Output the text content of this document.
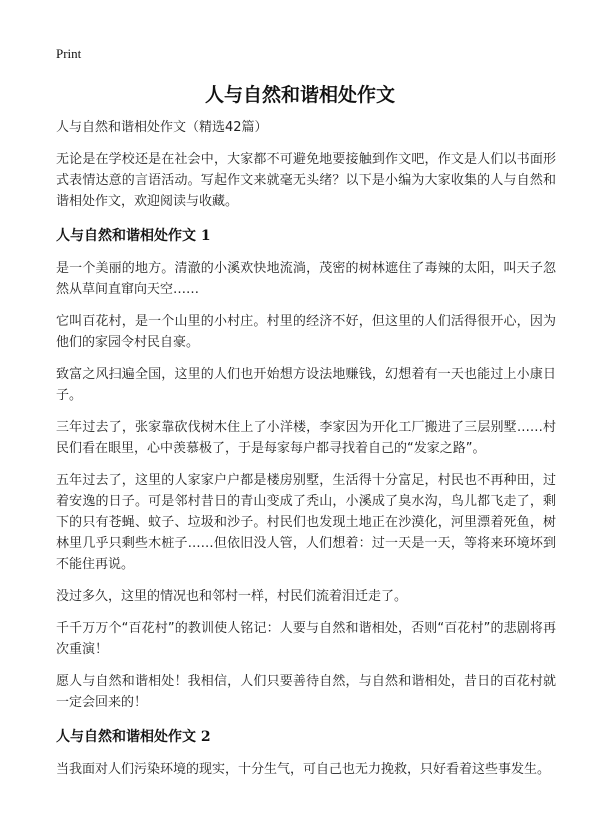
Print
人与自然和谐相处作文

人与自然和谐相处作文（精选42篇）

无论是在学校还是在社会中，大家都不可避免地要接触到作文吧，作文是人们以书面形式表情达意的言语活动。写起作文来就毫无头绪？以下是小编为大家收集的人与自然和谐相处作文，欢迎阅读与收藏。

人与自然和谐相处作文 1

是一个美丽的地方。清澈的小溪欢快地流淌，茂密的树林遮住了毒辣的太阳，叫天子忽然从草间直窜向天空……

它叫百花村，是一个山里的小村庄。村里的经济不好，但这里的人们活得很开心，因为他们的家园令村民自豪。

致富之风扫遍全国，这里的人们也开始想方设法地赚钱，幻想着有一天也能过上小康日子。

三年过去了，张家靠砍伐树木住上了小洋楼，李家因为开化工厂搬进了三层别墅……村民们看在眼里，心中羡慕极了，于是每家每户都寻找着自己的“发家之路”。

五年过去了，这里的人家家户户都是楼房别墅，生活得十分富足，村民也不再种田，过着安逸的日子。可是邻村昔日的青山变成了秃山，小溪成了臭水沟，鸟儿都飞走了，剩下的只有苍蝇、蚊子、垃圾和沙子。村民们也发现土地正在沙漠化，河里漂着死鱼，树林里几乎只剩些木桩子……但依旧没人管，人们想着：过一天是一天，等将来环境坏到不能住再说。

没过多久，这里的情况也和邻村一样，村民们流着泪迁走了。

千千万万个“百花村”的教训使人铭记：人要与自然和谐相处，否则“百花村”的悲剧将再次重演！

愿人与自然和谐相处！我相信，人们只要善待自然，与自然和谐相处，昔日的百花村就一定会回来的！

人与自然和谐相处作文 2

当我面对人们污染环境的现实，十分生气，可自己也无力挽救，只好看着这些事发生。
